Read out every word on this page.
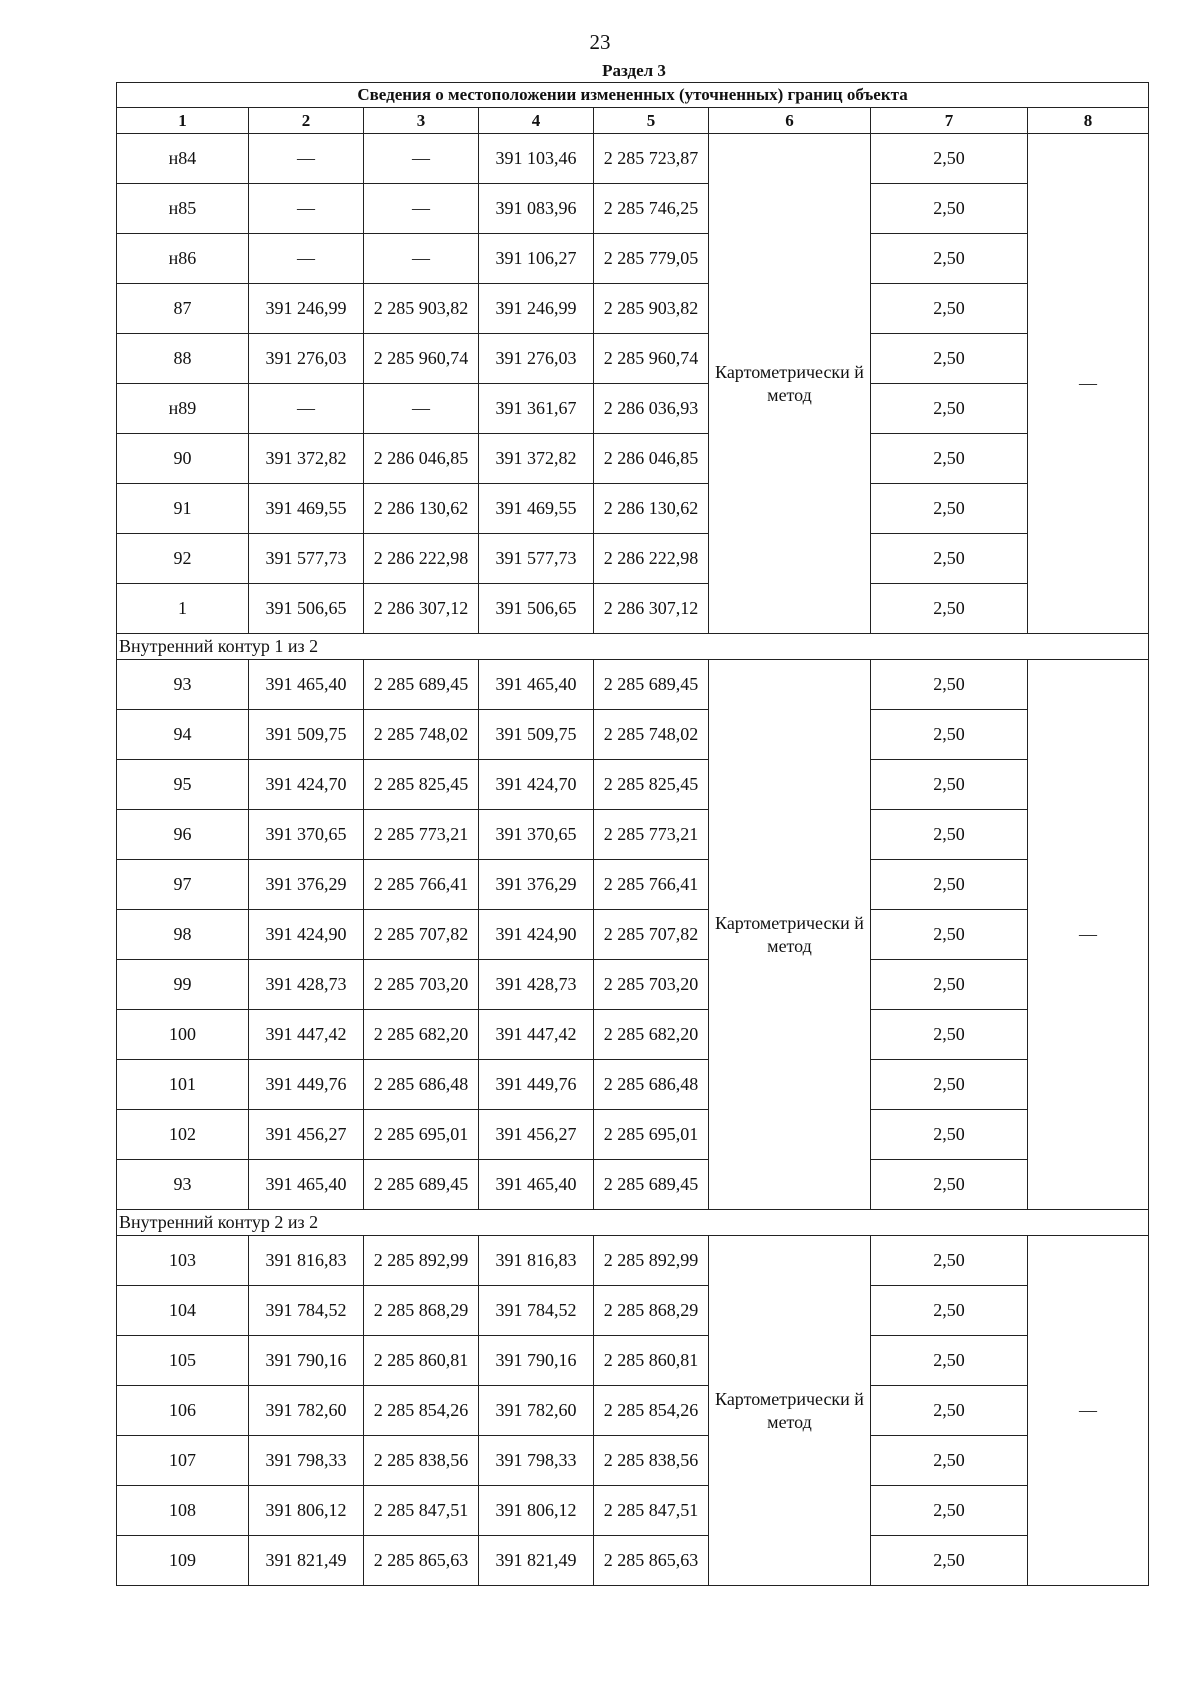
23
Раздел 3
Сведения о местоположении измененных (уточненных) границ объекта							
1	2	3	4	5	6	7	8
н84	—	—	391 103,46	2 285 723,87	Картометрически й метод	2,50	—
н85	—	—	391 083,96	2 285 746,25		2,50	
н86	—	—	391 106,27	2 285 779,05		2,50	
87	391 246,99	2 285 903,82	391 246,99	2 285 903,82		2,50	
88	391 276,03	2 285 960,74	391 276,03	2 285 960,74		2,50	
н89	—	—	391 361,67	2 286 036,93		2,50	
90	391 372,82	2 286 046,85	391 372,82	2 286 046,85		2,50	
91	391 469,55	2 286 130,62	391 469,55	2 286 130,62		2,50	
92	391 577,73	2 286 222,98	391 577,73	2 286 222,98		2,50	
1	391 506,65	2 286 307,12	391 506,65	2 286 307,12		2,50	
Внутренний контур 1 из 2							
93	391 465,40	2 285 689,45	391 465,40	2 285 689,45	Картометрически й метод	2,50	—
94	391 509,75	2 285 748,02	391 509,75	2 285 748,02		2,50	
95	391 424,70	2 285 825,45	391 424,70	2 285 825,45		2,50	
96	391 370,65	2 285 773,21	391 370,65	2 285 773,21		2,50	
97	391 376,29	2 285 766,41	391 376,29	2 285 766,41		2,50	
98	391 424,90	2 285 707,82	391 424,90	2 285 707,82		2,50	
99	391 428,73	2 285 703,20	391 428,73	2 285 703,20		2,50	
100	391 447,42	2 285 682,20	391 447,42	2 285 682,20		2,50	
101	391 449,76	2 285 686,48	391 449,76	2 285 686,48		2,50	
102	391 456,27	2 285 695,01	391 456,27	2 285 695,01		2,50	
93	391 465,40	2 285 689,45	391 465,40	2 285 689,45		2,50	
Внутренний контур 2 из 2							
103	391 816,83	2 285 892,99	391 816,83	2 285 892,99	Картометрически й метод	2,50	—
104	391 784,52	2 285 868,29	391 784,52	2 285 868,29		2,50	
105	391 790,16	2 285 860,81	391 790,16	2 285 860,81		2,50	
106	391 782,60	2 285 854,26	391 782,60	2 285 854,26		2,50	
107	391 798,33	2 285 838,56	391 798,33	2 285 838,56		2,50	
108	391 806,12	2 285 847,51	391 806,12	2 285 847,51		2,50	
109	391 821,49	2 285 865,63	391 821,49	2 285 865,63		2,50	
